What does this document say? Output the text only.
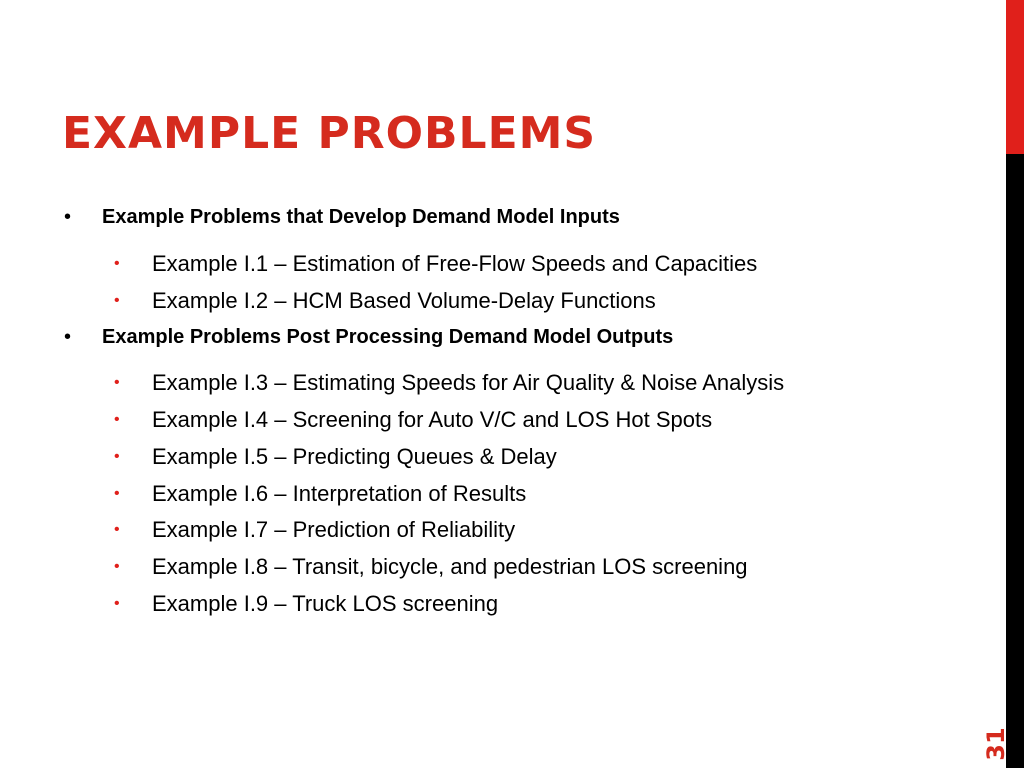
EXAMPLE PROBLEMS
• Example Problems that Develop Demand Model Inputs
• Example I.1 – Estimation of Free-Flow Speeds and Capacities
• Example I.2 – HCM Based Volume-Delay Functions
• Example Problems Post Processing Demand Model Outputs
• Example I.3 – Estimating Speeds for Air Quality & Noise Analysis
• Example I.4 – Screening for Auto V/C and LOS Hot Spots
• Example I.5 – Predicting Queues & Delay
• Example I.6 – Interpretation of Results
• Example I.7 – Prediction of Reliability
• Example I.8 – Transit, bicycle, and pedestrian LOS screening
• Example I.9 – Truck LOS screening
31
